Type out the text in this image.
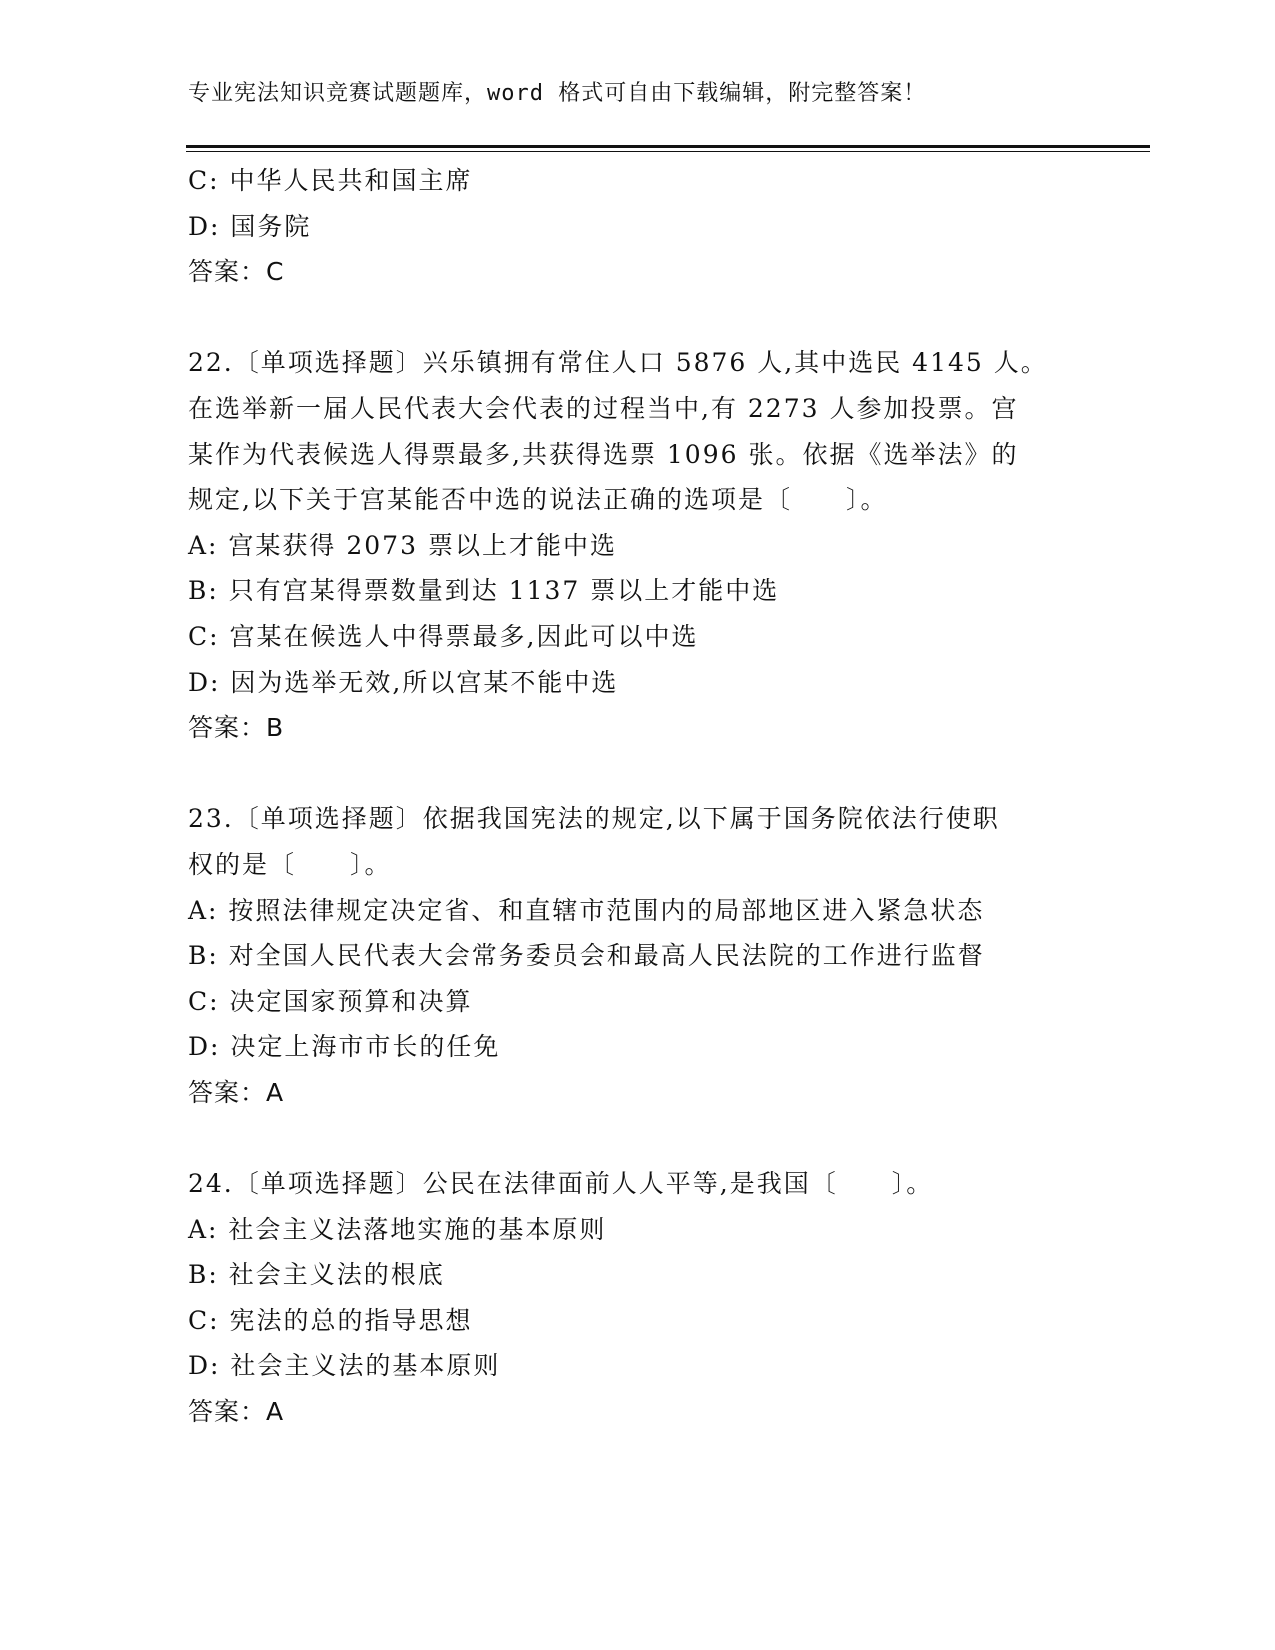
专业宪法知识竞赛试题题库，word 格式可自由下载编辑，附完整答案！
C: 中华人民共和国主席
D: 国务院
答案：C
22.〔单项选择题〕兴乐镇拥有常住人口 5876 人,其中选民 4145 人。
在选举新一届人民代表大会代表的过程当中,有 2273 人参加投票。宫
某作为代表候选人得票最多,共获得选票 1096 张。依据《选举法》的
规定,以下关于宫某能否中选的说法正确的选项是〔　　〕。
A: 宫某获得 2073 票以上才能中选
B: 只有宫某得票数量到达 1137 票以上才能中选
C: 宫某在候选人中得票最多,因此可以中选
D: 因为选举无效,所以宫某不能中选
答案：B
23.〔单项选择题〕依据我国宪法的规定,以下属于国务院依法行使职
权的是〔　　〕。
A: 按照法律规定决定省、和直辖市范围内的局部地区进入紧急状态
B: 对全国人民代表大会常务委员会和最高人民法院的工作进行监督
C: 决定国家预算和决算
D: 决定上海市市长的任免
答案：A
24.〔单项选择题〕公民在法律面前人人平等,是我国〔　　〕。
A: 社会主义法落地实施的基本原则
B: 社会主义法的根底
C: 宪法的总的指导思想
D: 社会主义法的基本原则
答案：A
